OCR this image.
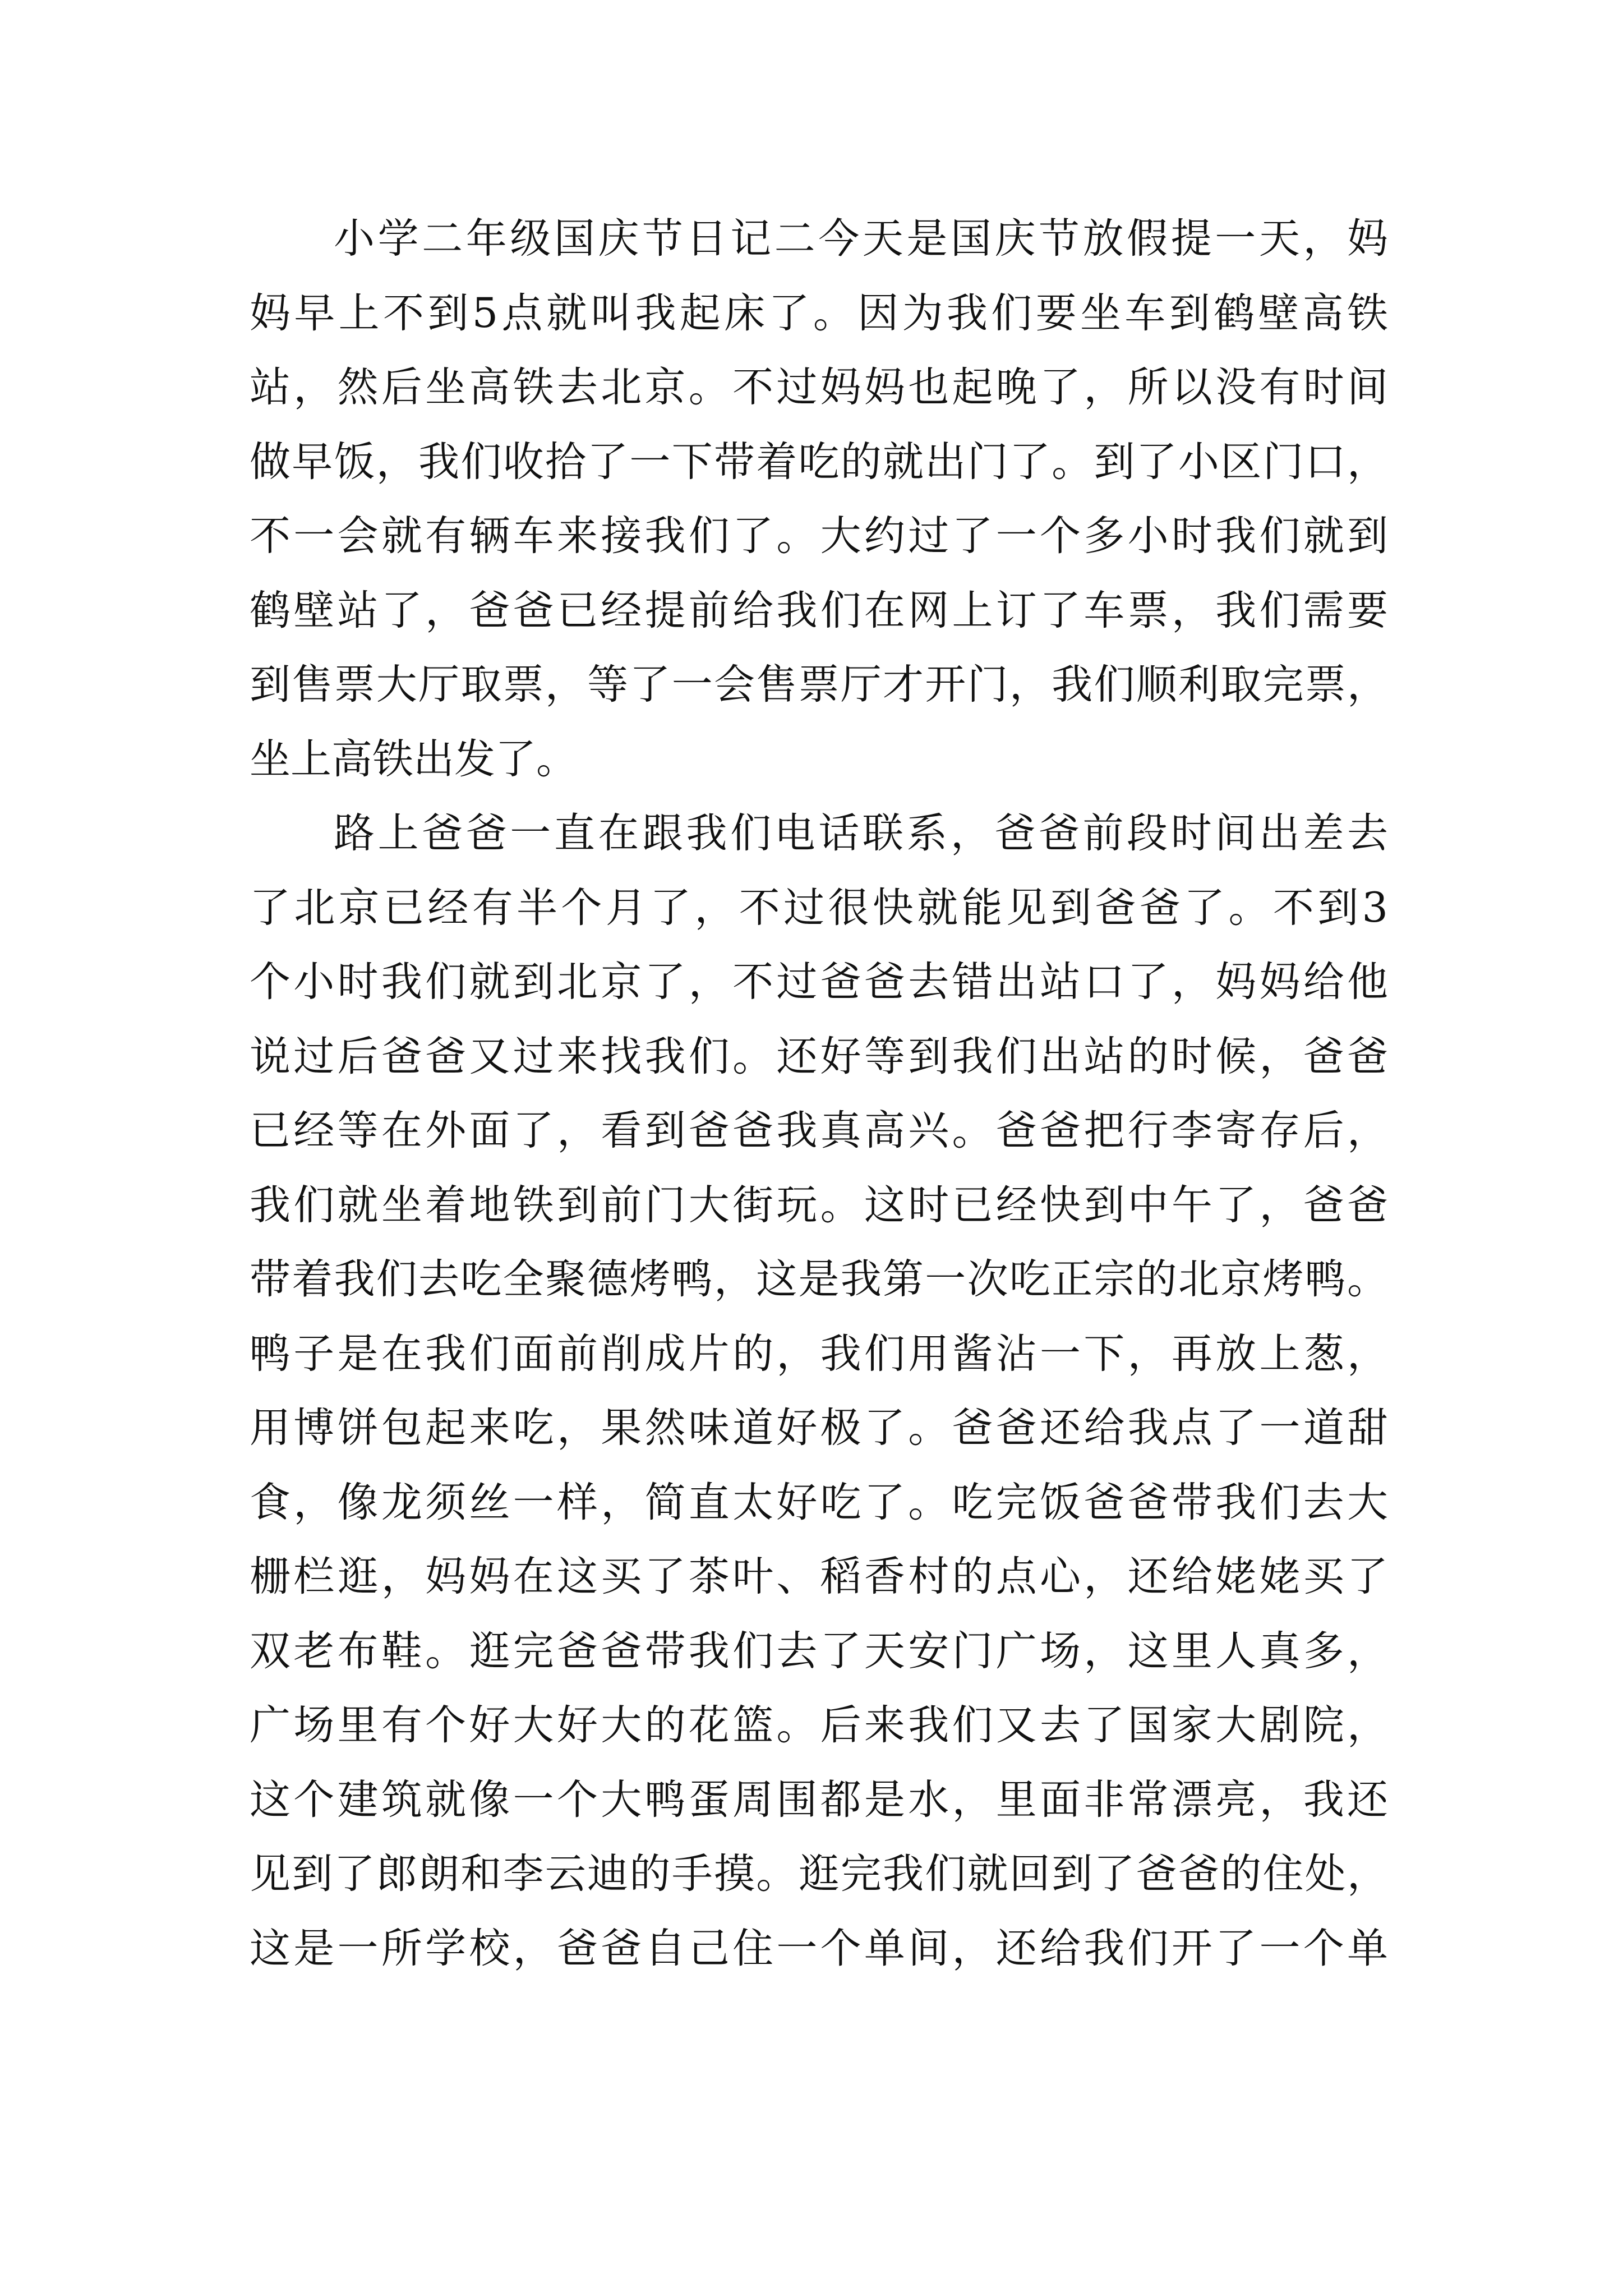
小学二年级国庆节日记二今天是国庆节放假提一天，妈
妈早上不到5点就叫我起床了。因为我们要坐车到鹤壁高铁
站，然后坐高铁去北京。不过妈妈也起晚了，所以没有时间
做早饭，我们收拾了一下带着吃的就出门了。到了小区门口，
不一会就有辆车来接我们了。大约过了一个多小时我们就到
鹤壁站了，爸爸已经提前给我们在网上订了车票，我们需要
到售票大厅取票，等了一会售票厅才开门，我们顺利取完票，
坐上高铁出发了。
路上爸爸一直在跟我们电话联系，爸爸前段时间出差去
了北京已经有半个月了，不过很快就能见到爸爸了。不到3
个小时我们就到北京了，不过爸爸去错出站口了，妈妈给他
说过后爸爸又过来找我们。还好等到我们出站的时候，爸爸
已经等在外面了，看到爸爸我真高兴。爸爸把行李寄存后，
我们就坐着地铁到前门大街玩。这时已经快到中午了，爸爸
带着我们去吃全聚德烤鸭，这是我第一次吃正宗的北京烤鸭。
鸭子是在我们面前削成片的，我们用酱沾一下，再放上葱，
用博饼包起来吃，果然味道好极了。爸爸还给我点了一道甜
食，像龙须丝一样，简直太好吃了。吃完饭爸爸带我们去大
栅栏逛，妈妈在这买了茶叶、稻香村的点心，还给姥姥买了
双老布鞋。逛完爸爸带我们去了天安门广场，这里人真多，
广场里有个好大好大的花篮。后来我们又去了国家大剧院，
这个建筑就像一个大鸭蛋周围都是水，里面非常漂亮，我还
见到了郎朗和李云迪的手摸。逛完我们就回到了爸爸的住处，
这是一所学校，爸爸自己住一个单间，还给我们开了一个单
